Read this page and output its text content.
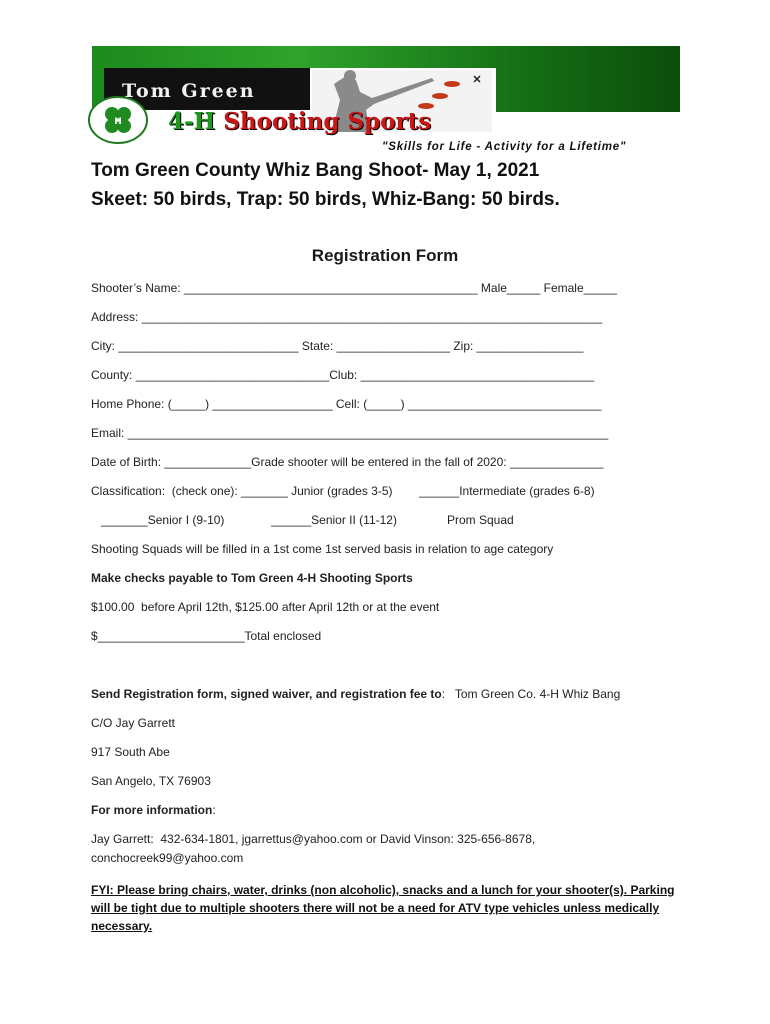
Tom Green
4-H Shooting Sports
H
"Skills for Life - Activity for a Lifetime"
Tom Green County Whiz Bang Shoot- May 1, 2021
Skeet: 50 birds, Trap: 50 birds, Whiz-Bang: 50 birds.
Registration Form
Shooter’s Name: ____________________________________________ Male_____ Female_____
Address: _____________________________________________________________________
City: ___________________________ State: _________________ Zip: ________________
County: _____________________________Club: ___________________________________
Home Phone: (_____) __________________ Cell: (_____) _____________________________
Email: ________________________________________________________________________
Date of Birth: _____________Grade shooter will be entered in the fall of 2020: ______________
Classification:  (check one): _______ Junior (grades 3-5)        ______Intermediate (grades 6-8)
_______Senior I (9-10)              ______Senior II (11-12)               Prom Squad
Shooting Squads will be filled in a 1st come 1st served basis in relation to age category
Make checks payable to Tom Green 4-H Shooting Sports
$100.00  before April 12th, $125.00 after April 12th or at the event
$______________________Total enclosed
Send Registration form, signed waiver, and registration fee to:   Tom Green Co. 4-H Whiz Bang
C/O Jay Garrett
917 South Abe
San Angelo, TX 76903
For more information:
Jay Garrett:  432-634-1801, jgarrettus@yahoo.com or David Vinson: 325-656-8678,
conchocreek99@yahoo.com
FYI: Please bring chairs, water, drinks (non alcoholic), snacks and a lunch for your shooter(s). Parking will be tight due to multiple shooters there will not be a need for ATV type vehicles unless medically necessary.
